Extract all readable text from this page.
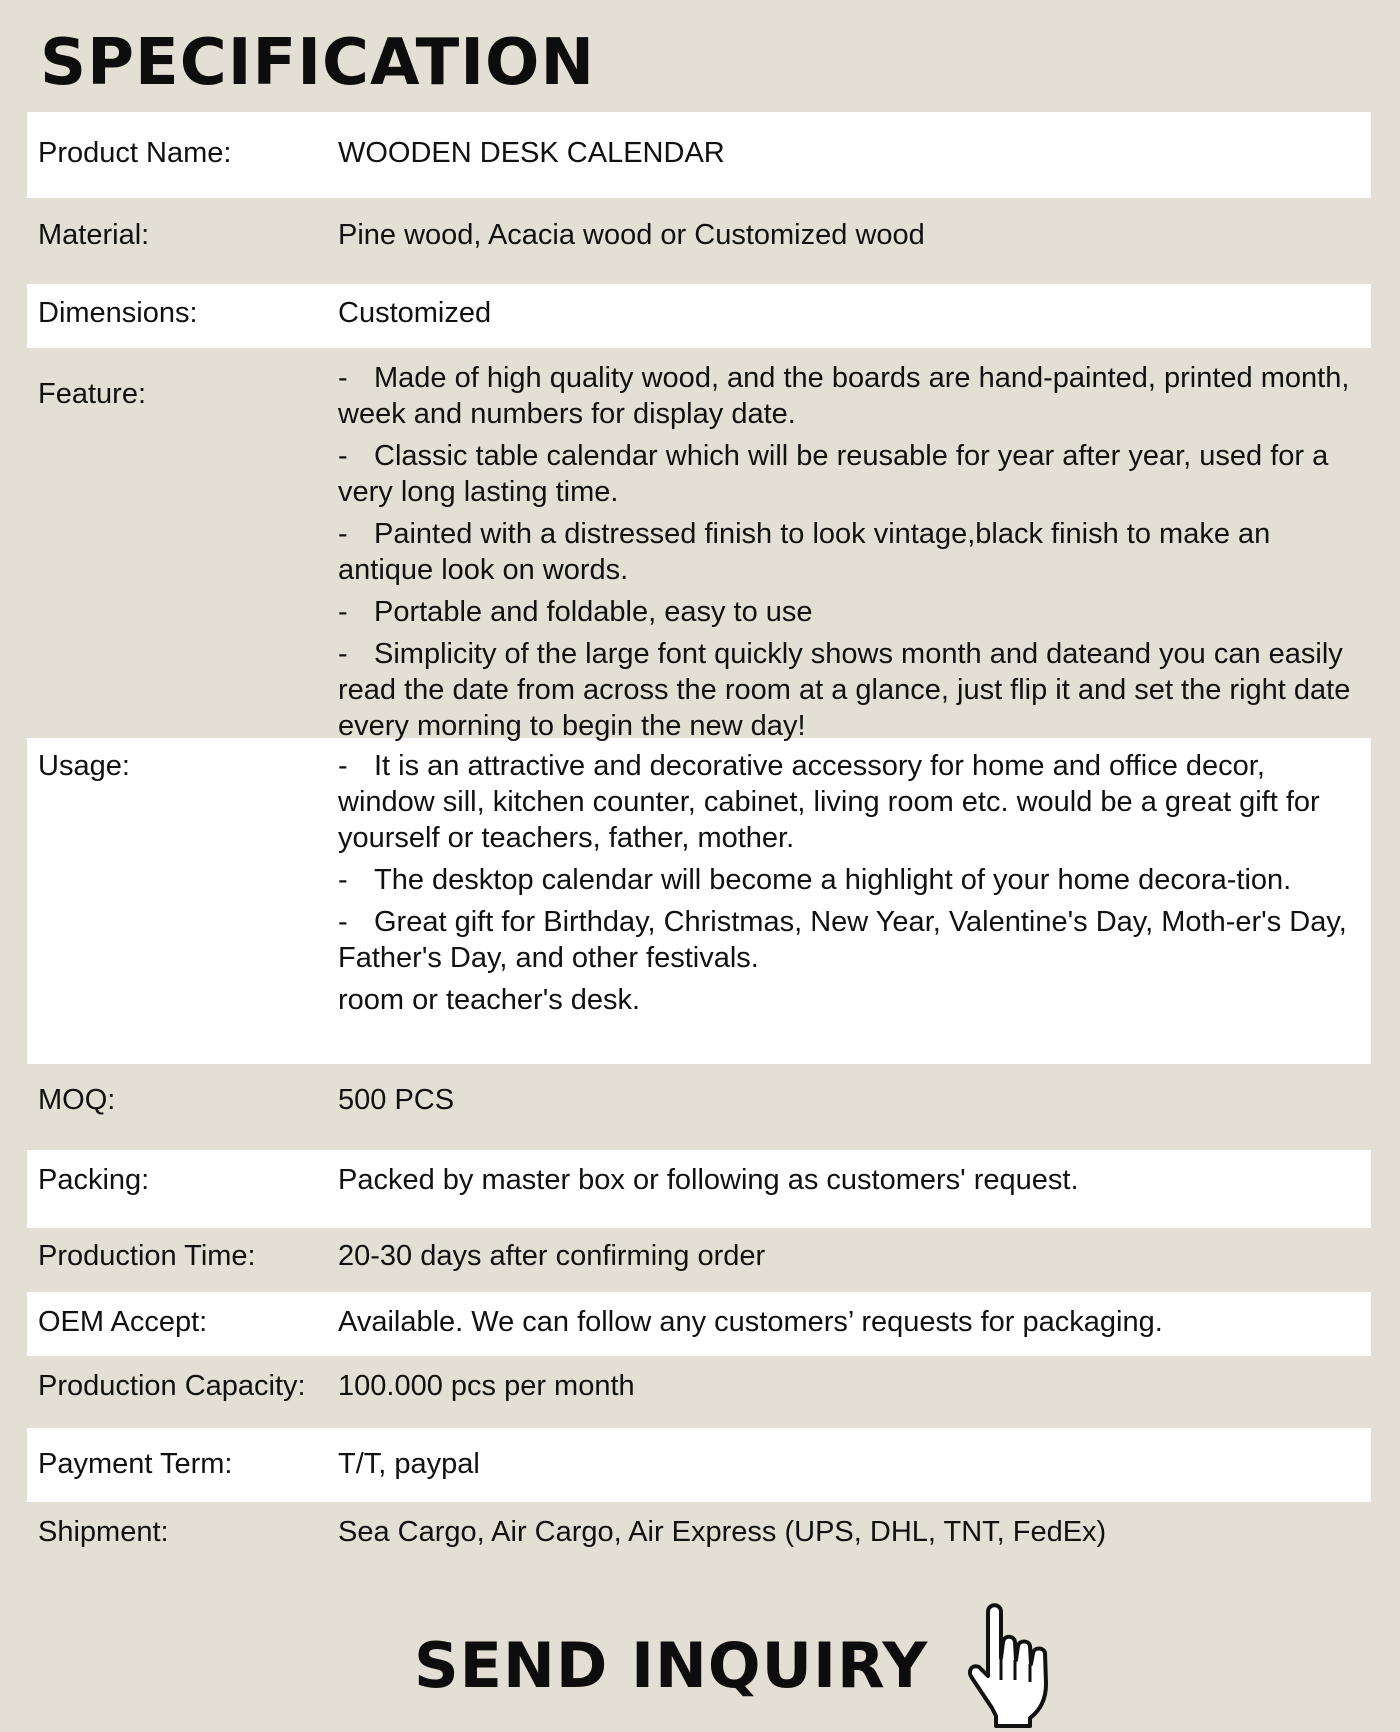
SPECIFICATION
Product Name:	WOODEN DESK CALENDAR
Material:	Pine wood, Acacia wood or Customized wood
Dimensions:	Customized
Feature:	- Made of high quality wood, and the boards are hand-painted, printed month, week and numbers for display date.
- Classic table calendar which will be reusable for year after year, used for a very long lasting time.
- Painted with a distressed finish to look vintage,black finish to make an antique look on words.
- Portable and foldable, easy to use
- Simplicity of the large font quickly shows month and dateand you can easily read the date from across the room at a glance, just flip it and set the right date every morning to begin the new day!
Usage:	- It is an attractive and decorative accessory for home and office decor, window sill, kitchen counter, cabinet, living room etc. would be a great gift for yourself or teachers, father, mother.
- The desktop calendar will become a highlight of your home decora-tion.
- Great gift for Birthday, Christmas, New Year, Valentine's Day, Moth-er's Day, Father's Day, and other festivals.
room or teacher's desk.
MOQ:	500 PCS
Packing:	Packed by master box or following as customers' request.
Production Time:	20-30 days after confirming order
OEM Accept:	Available. We can follow any customers’ requests for packaging.
Production Capacity:	100.000 pcs per month
Payment Term:	T/T, paypal
Shipment:	Sea Cargo, Air Cargo, Air Express (UPS, DHL, TNT, FedEx)
SEND INQUIRY
